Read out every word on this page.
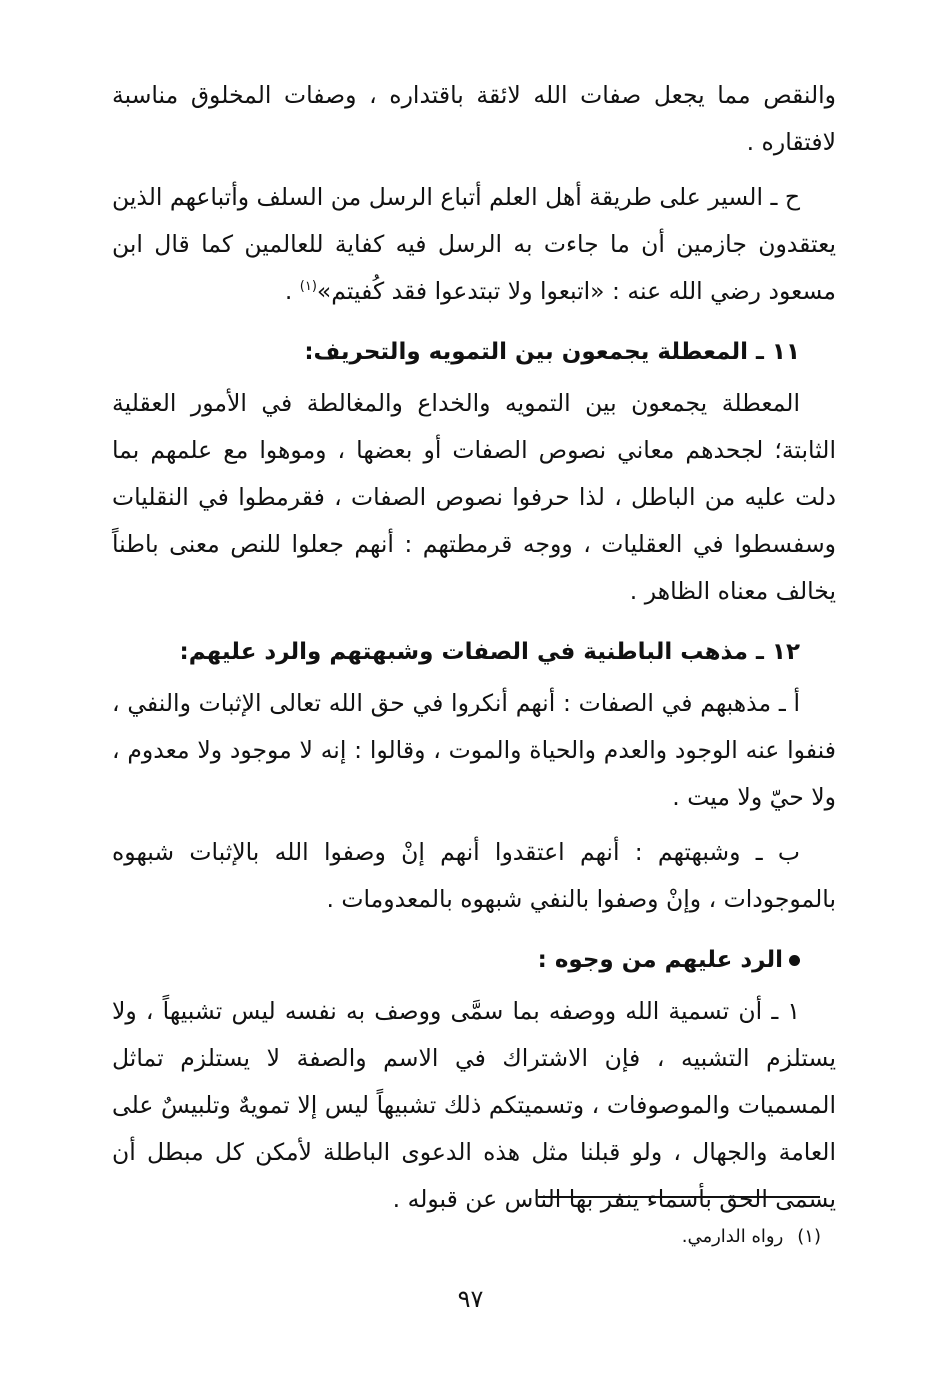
والنقص مما يجعل صفات الله لائقة باقتداره ، وصفات المخلوق مناسبة لافتقاره .

ح ـ السير على طريقة أهل العلم أتباع الرسل من السلف وأتباعهم الذين يعتقدون جازمين أن ما جاءت به الرسل فيه كفاية للعالمين كما قال ابن مسعود رضي الله عنه : «اتبعوا ولا تبتدعوا فقد كُفيتم»$^{(١)}$ .

١١ ـ المعطلة يجمعون بين التمويه والتحريف:

المعطلة يجمعون بين التمويه والخداع والمغالطة في الأمور العقلية الثابتة؛ لجحدهم معاني نصوص الصفات أو بعضها ، وموهوا مع علمهم بما دلت عليه من الباطل ، لذا حرفوا نصوص الصفات ، فقرمطوا في النقليات وسفسطوا في العقليات ، ووجه قرمطتهم : أنهم جعلوا للنص معنى باطناً يخالف معناه الظاهر .

١٢ ـ مذهب الباطنية في الصفات وشبهتهم والرد عليهم:

أ ـ مذهبهم في الصفات : أنهم أنكروا في حق الله تعالى الإثبات والنفي ، فنفوا عنه الوجود والعدم والحياة والموت ، وقالوا : إنه لا موجود ولا معدوم ، ولا حيّ ولا ميت .

ب ـ وشبهتهم : أنهم اعتقدوا أنهم إنْ وصفوا الله بالإثبات شبهوه بالموجودات ، وإنْ وصفوا بالنفي شبهوه بالمعدومات .

الرد عليهم من وجوه :

١ ـ أن تسمية الله ووصفه بما سمَّى ووصف به نفسه ليس تشبيهاً ، ولا يستلزم التشبيه ، فإن الاشتراك في الاسم والصفة لا يستلزم تماثل المسميات والموصوفات ، وتسميتكم ذلك تشبيهاً ليس إلا تمويهٌ وتلبيسٌ على العامة والجهال ، ولو قبلنا مثل هذه الدعوى الباطلة لأمكن كل مبطل أن يسمى الحق بأسماء ينفر بها الناس عن قبوله .

(١)رواه الدارمي.
٩٧
